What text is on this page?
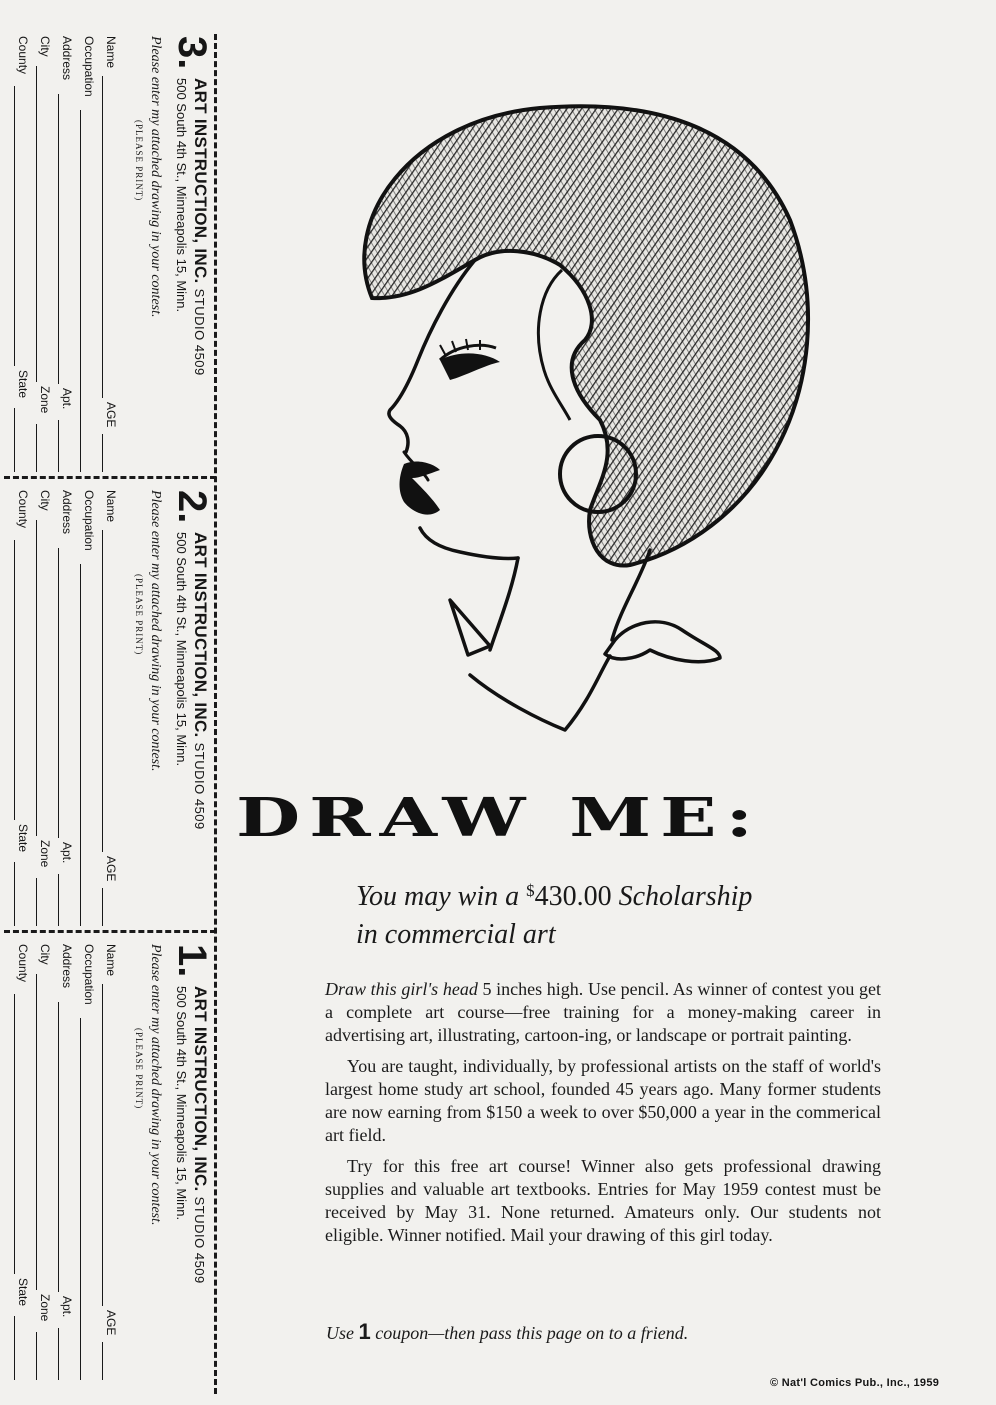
3.
ART INSTRUCTION, INC. STUDIO 4509
500 South 4th St., Minneapolis 15, Minn.
Please enter my attached drawing in your contest.
(PLEASE PRINT)
Name
AGE
Occupation
Address
Apt.
City
Zone
County
State
2.
ART INSTRUCTION, INC. STUDIO 4509
500 South 4th St., Minneapolis 15, Minn.
Please enter my attached drawing in your contest.
(PLEASE PRINT)
Name
AGE
Occupation
Address
Apt.
City
Zone
County
State
1.
ART INSTRUCTION, INC. STUDIO 4509
500 South 4th St., Minneapolis 15, Minn.
Please enter my attached drawing in your contest.
(PLEASE PRINT)
Name
AGE
Occupation
Address
Apt.
City
Zone
County
State
DRAW ME:
You may win a $430.00 Scholarship
in commercial art

Draw this girl's head 5 inches high. Use pencil. As winner of contest you get a complete art course—free training for a money-making career in advertising art, illustrating, cartoon-ing, or landscape or portrait painting.

You are taught, individually, by professional artists on the staff of world's largest home study art school, founded 45 years ago. Many former students are now earning from $150 a week to over $50,000 a year in the commerical art field.

Try for this free art course! Winner also gets professional drawing supplies and valuable art textbooks. Entries for May 1959 contest must be received by May 31. None returned. Amateurs only. Our students not eligible. Winner notified. Mail your drawing of this girl today.

Use 1 coupon—then pass this page on to a friend.
© Nat'l Comics Pub., Inc., 1959
